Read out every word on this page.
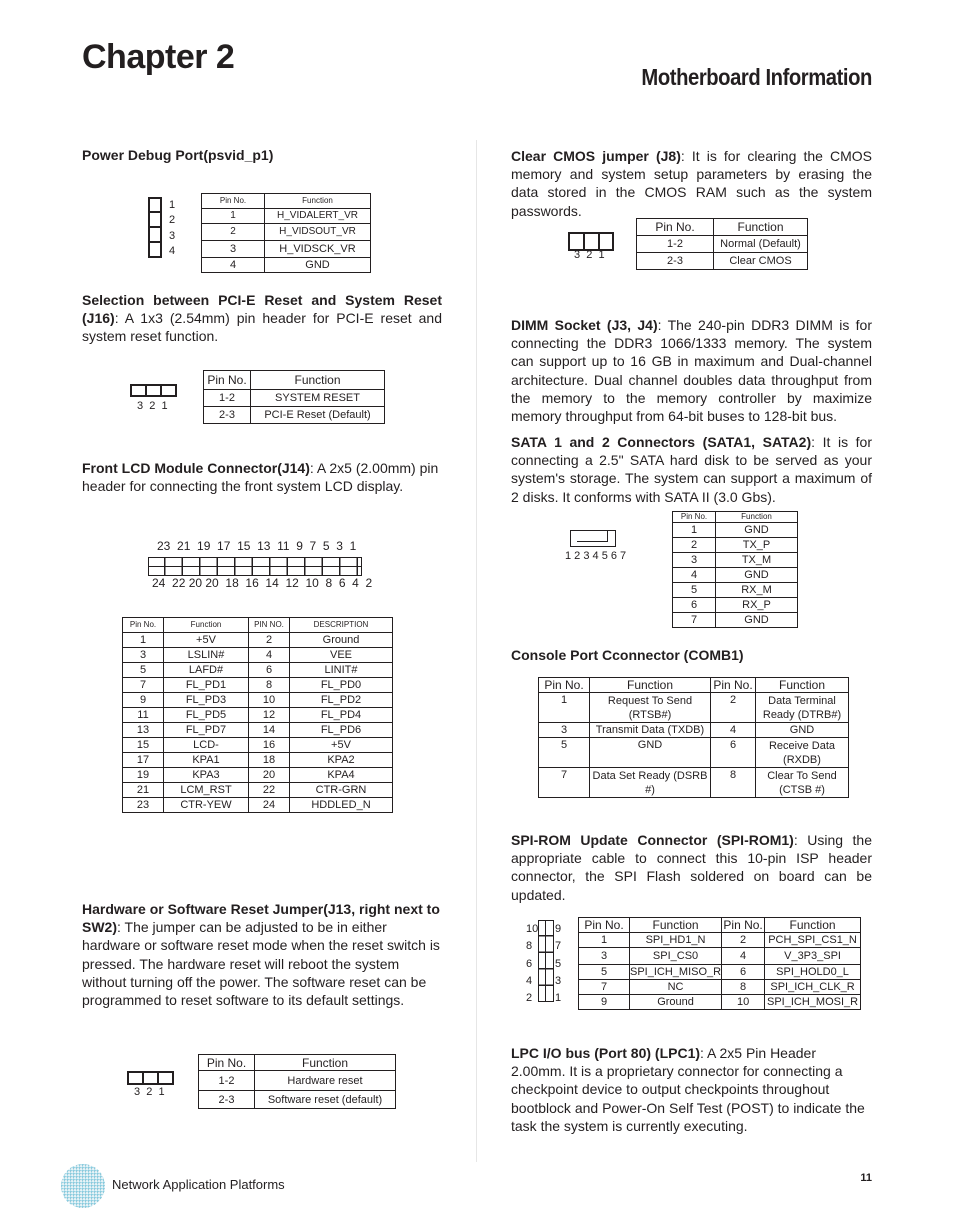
Chapter 2
Motherboard Information
Power Debug Port(psvid_p1)
1
2
3
4
Pin No.	Function
1	H_VIDALERT_VR
2	H_VIDSOUT_VR
3	H_VIDSCK_VR
4	GND
Selection between PCI-E Reset and System Reset (J16): A 1x3 (2.54mm) pin header for PCI-E reset and system reset function.
3  2  1
Pin No.	Function
1-2	SYSTEM RESET
2-3	PCI-E Reset (Default)
Front LCD Module Connector(J14): A 2x5 (2.00mm) pin header for connecting the front system LCD display.
23  21  19  17  15  13  11  9  7  5  3  1
24  22 20 20  18  16  14  12  10  8  6  4  2
Pin No.	Function	PIN NO.	DESCRIPTION
1	+5V	2	Ground
3	LSLIN#	4	VEE
5	LAFD#	6	LINIT#
7	FL_PD1	8	FL_PD0
9	FL_PD3	10	FL_PD2
11	FL_PD5	12	FL_PD4
13	FL_PD7	14	FL_PD6
15	LCD-	16	+5V
17	KPA1	18	KPA2
19	KPA3	20	KPA4
21	LCM_RST	22	CTR-GRN
23	CTR-YEW	24	HDDLED_N
Hardware or Software Reset Jumper(J13, right next to SW2): The jumper can be adjusted to be in either hardware or software reset mode when the reset switch is pressed. The hardware reset will reboot the system without turning off the power. The software reset can be programmed to reset software to its default settings.
3  2  1
Pin No.	Function
1-2	Hardware reset
2-3	Software reset (default)
Clear CMOS jumper (J8): It is for clearing the CMOS memory and system setup parameters by erasing the data stored in the CMOS RAM such as the system passwords.
3  2  1
Pin No.	Function
1-2	Normal (Default)
2-3	Clear CMOS
DIMM Socket (J3, J4): The 240-pin DDR3 DIMM is for connecting the DDR3 1066/1333 memory. The system can support up to 16 GB in maximum and Dual-channel architecture. Dual channel doubles data throughput from the memory to the memory controller by maximize memory throughput from 64-bit buses to 128-bit bus.
SATA 1 and 2 Connectors (SATA1, SATA2): It is for connecting a 2.5" SATA hard disk to be served as your system's storage. The system can support a maximum of 2 disks. It conforms with SATA II (3.0 Gbs).
1 2 3 4 5 6 7
Pin No.	Function
1	GND
2	TX_P
3	TX_M
4	GND
5	RX_M
6	RX_P
7	GND
Console Port Cconnector (COMB1)
Pin No.	Function	Pin No.	Function
1	Request To Send (RTSB#)	2	Data Terminal Ready (DTRB#)
3	Transmit Data (TXDB)	4	GND
5	GND	6	Receive Data (RXDB)
7	Data Set Ready (DSRB #)	8	Clear To Send (CTSB #)
SPI-ROM Update Connector (SPI-ROM1): Using the appropriate cable to connect this 10-pin ISP header connector, the SPI Flash soldered on board can be updated.
10
8
6
4
2
9
7
5
3
1
Pin No.	Function	Pin No.	Function
1	SPI_HD1_N	2	PCH_SPI_CS1_N
3	SPI_CS0	4	V_3P3_SPI
5	SPI_ICH_MISO_R	6	SPI_HOLD0_L
7	NC	8	SPI_ICH_CLK_R
9	Ground	10	SPI_ICH_MOSI_R
LPC I/O bus (Port 80) (LPC1): A 2x5 Pin Header 2.00mm. It is a proprietary connector for connecting a checkpoint device to output checkpoints throughout bootblock and Power-On Self Test (POST) to indicate the task the system is currently executing.
Network Application Platforms	11
